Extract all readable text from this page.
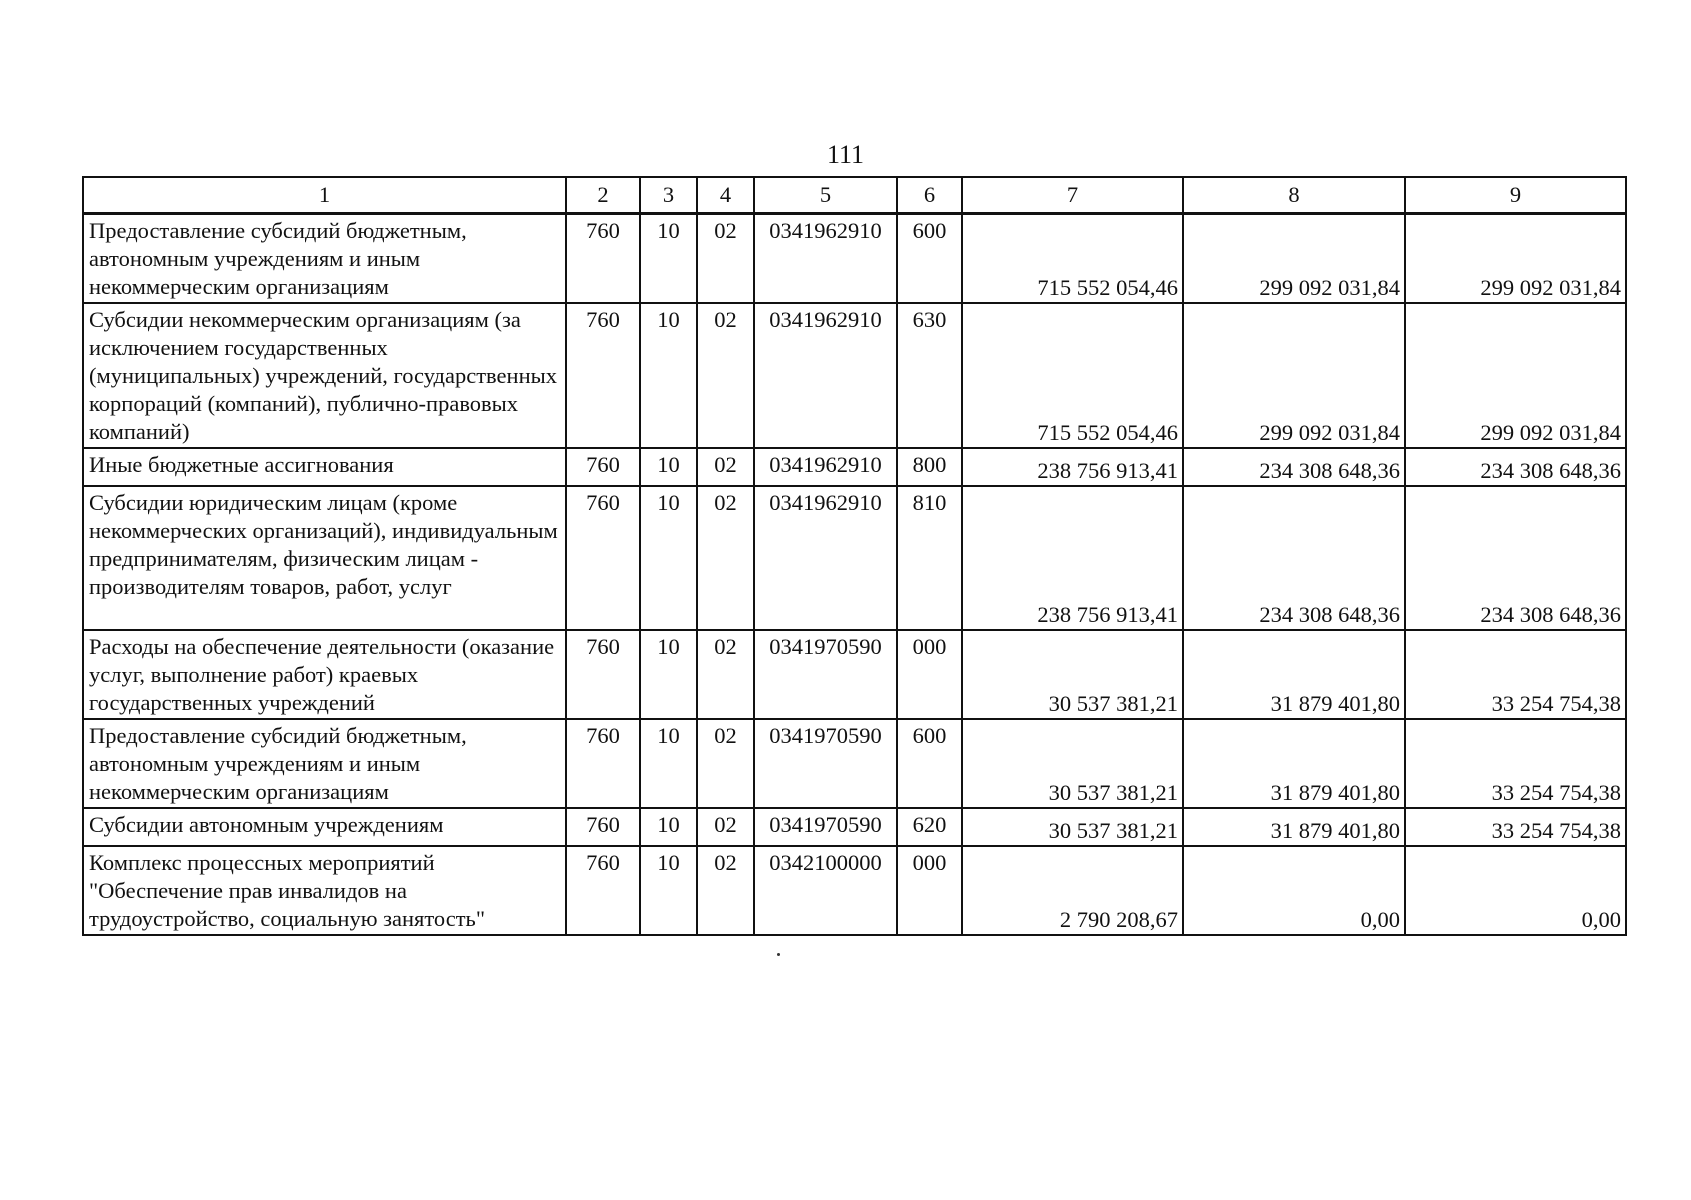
111
1	2	3	4	5	6	7	8	9
Предоставление субсидий бюджетным, автономным учреждениям и иным некоммерческим организациям	760	10	02	0341962910	600	715 552 054,46	299 092 031,84	299 092 031,84
Субсидии некоммерческим организациям (за исключением государственных (муниципальных) учреждений, государственных корпораций (компаний), публично-правовых компаний)	760	10	02	0341962910	630	715 552 054,46	299 092 031,84	299 092 031,84
Иные бюджетные ассигнования	760	10	02	0341962910	800	238 756 913,41	234 308 648,36	234 308 648,36
Субсидии юридическим лицам (кроме некоммерческих организаций), индивидуальным предпринимателям, физическим лицам - производителям товаров, работ, услуг	760	10	02	0341962910	810	238 756 913,41	234 308 648,36	234 308 648,36
Расходы на обеспечение деятельности (оказание услуг, выполнение работ) краевых государственных учреждений	760	10	02	0341970590	000	30 537 381,21	31 879 401,80	33 254 754,38
Предоставление субсидий бюджетным, автономным учреждениям и иным некоммерческим организациям	760	10	02	0341970590	600	30 537 381,21	31 879 401,80	33 254 754,38
Субсидии автономным учреждениям	760	10	02	0341970590	620	30 537 381,21	31 879 401,80	33 254 754,38
Комплекс процессных мероприятий "Обеспечение прав инвалидов на трудоустройство, социальную занятость"	760	10	02	0342100000	000	2 790 208,67	0,00	0,00
